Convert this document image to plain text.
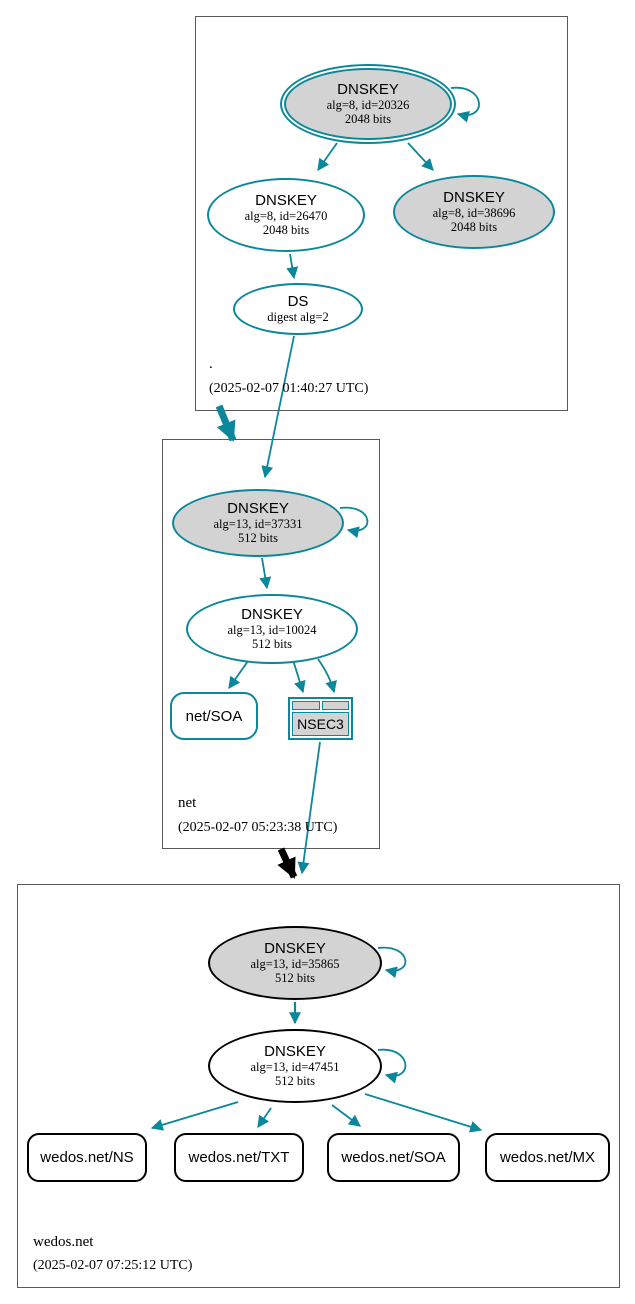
DNSKEY
alg=8, id=20326
2048 bits
DNSKEY
alg=8, id=26470
2048 bits
DNSKEY
alg=8, id=38696
2048 bits
DS
digest alg=2
.
(2025-02-07 01:40:27 UTC)
DNSKEY
alg=13, id=37331
512 bits
DNSKEY
alg=13, id=10024
512 bits
net/SOA	NSEC3
net
(2025-02-07 05:23:38 UTC)
DNSKEY
alg=13, id=35865
512 bits
DNSKEY
alg=13, id=47451
512 bits
wedos.net/NS	wedos.net/TXT	wedos.net/SOA	wedos.net/MX
wedos.net
(2025-02-07 07:25:12 UTC)
